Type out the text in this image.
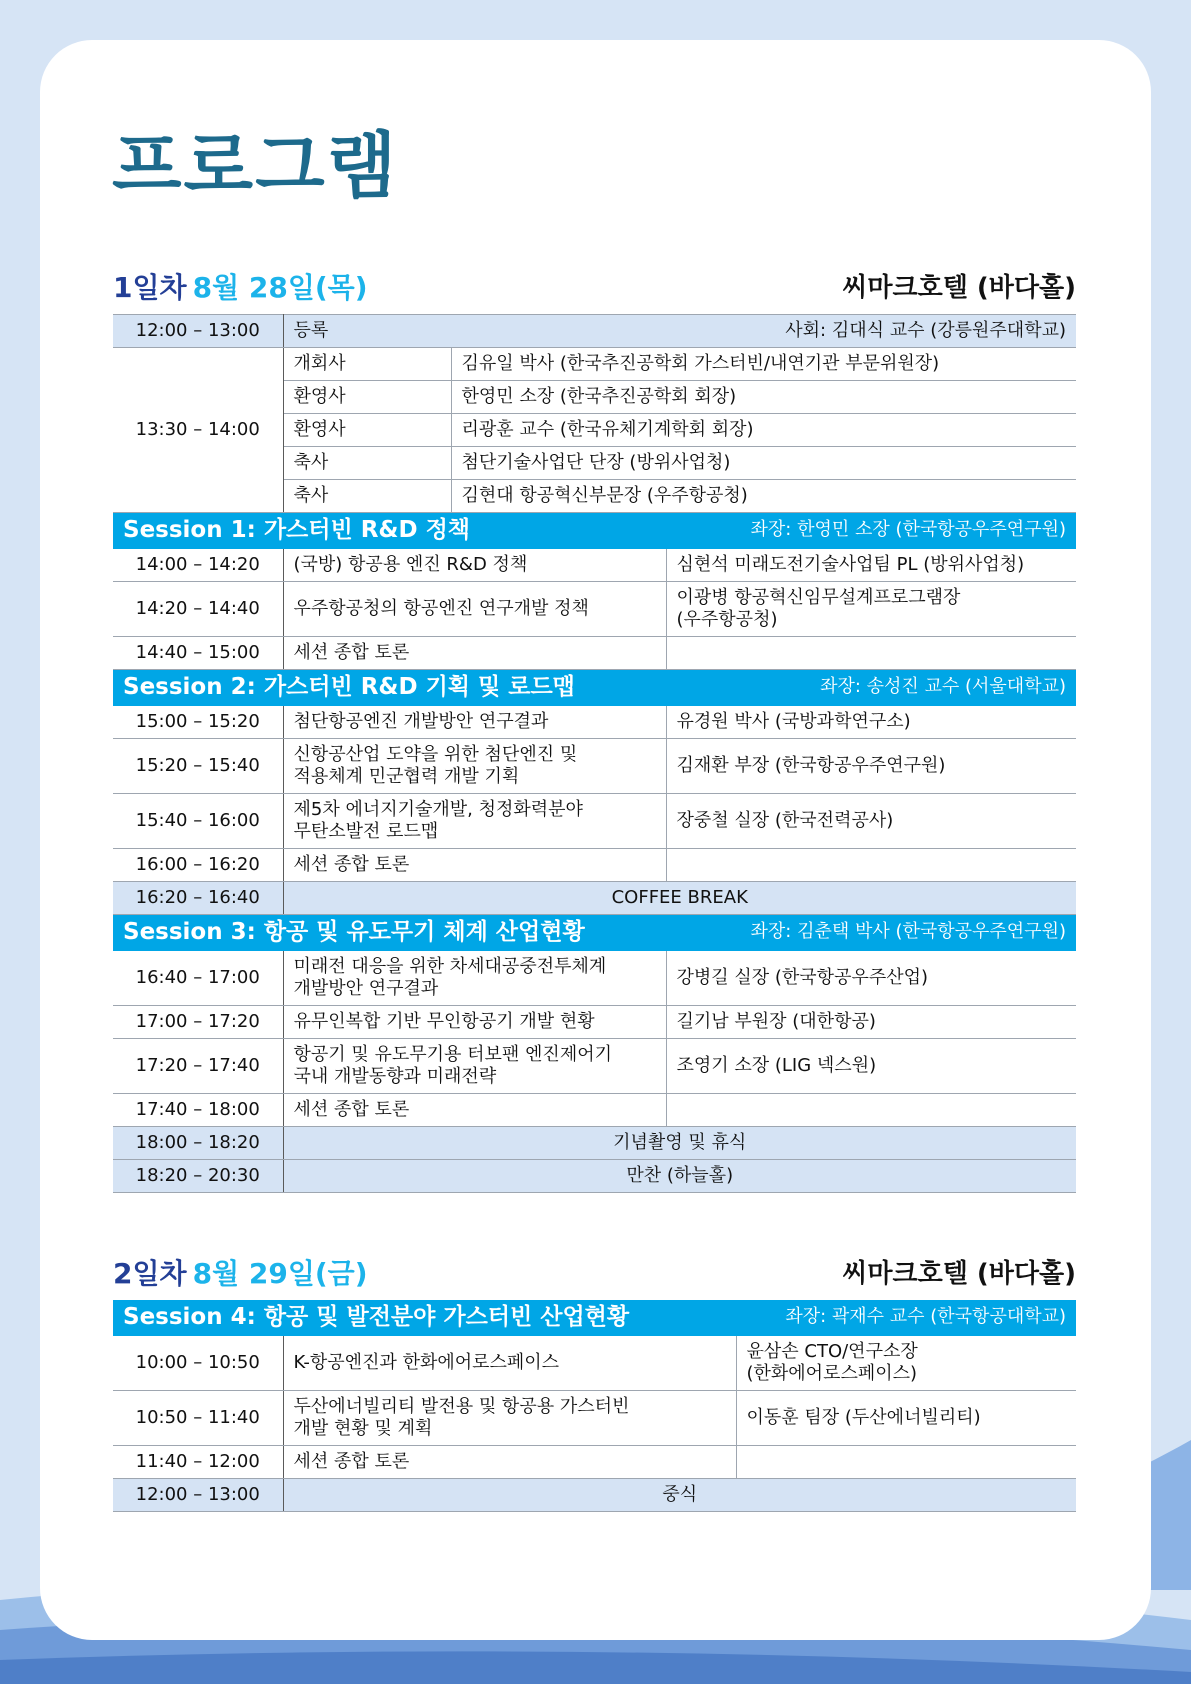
프로그램
1일차 8월 28일(목)	씨마크호텔 (바다홀)
12:00 – 13:00	등록 사회: 김대식 교수 (강릉원주대학교)		

13:30 – 14:00	개회사	김유일 박사 (한국추진공학회 가스터빈/내연기관 부문위원장)	
	환영사	한영민 소장 (한국추진공학회 회장)	
	환영사	리광훈 교수 (한국유체기계학회 회장)	
	축사	첨단기술사업단 단장 (방위사업청)	
	축사	김현대 항공혁신부문장 (우주항공청)	
Session 1: 가스터빈 R&D 정책 좌장: 한영민 소장 (한국항공우주연구원)			

14:00 – 14:20	(국방) 항공용 엔진 R&D 정책		심현석 미래도전기술사업팀 PL (방위사업청)
14:20 – 14:40	우주항공청의 항공엔진 연구개발 정책		이광병 항공혁신임무설계프로그램장
(우주항공청)
14:40 – 15:00	세션 종합 토론		
Session 2: 가스터빈 R&D 기획 및 로드맵 좌장: 송성진 교수 (서울대학교)			

15:00 – 15:20	첨단항공엔진 개발방안 연구결과		유경원 박사 (국방과학연구소)
15:20 – 15:40	신항공산업 도약을 위한 첨단엔진 및
적용체계 민군협력 개발 기획		김재환 부장 (한국항공우주연구원)
15:40 – 16:00	제5차 에너지기술개발, 청정화력분야
무탄소발전 로드맵		장중철 실장 (한국전력공사)
16:00 – 16:20	세션 종합 토론		
16:20 – 16:40	COFFEE BREAK		
Session 3: 항공 및 유도무기 체계 산업현황 좌장: 김춘택 박사 (한국항공우주연구원)			

16:40 – 17:00	미래전 대응을 위한 차세대공중전투체계
개발방안 연구결과		강병길 실장 (한국항공우주산업)
17:00 – 17:20	유무인복합 기반 무인항공기 개발 현황		길기남 부원장 (대한항공)
17:20 – 17:40	항공기 및 유도무기용 터보팬 엔진제어기
국내 개발동향과 미래전략		조영기 소장 (LIG 넥스원)
17:40 – 18:00	세션 종합 토론		
18:00 – 18:20	기념촬영 및 휴식		
18:20 – 20:30	만찬 (하늘홀)		
2일차 8월 29일(금)	씨마크호텔 (바다홀)
Session 4: 항공 및 발전분야 가스터빈 산업현황 좌장: 곽재수 교수 (한국항공대학교)		

10:00 – 10:50	K-항공엔진과 한화에어로스페이스	윤삼손 CTO/연구소장
(한화에어로스페이스)
10:50 – 11:40	두산에너빌리티 발전용 및 항공용 가스터빈
개발 현황 및 계획	이동훈 팀장 (두산에너빌리티)
11:40 – 12:00	세션 종합 토론	
12:00 – 13:00	중식	
